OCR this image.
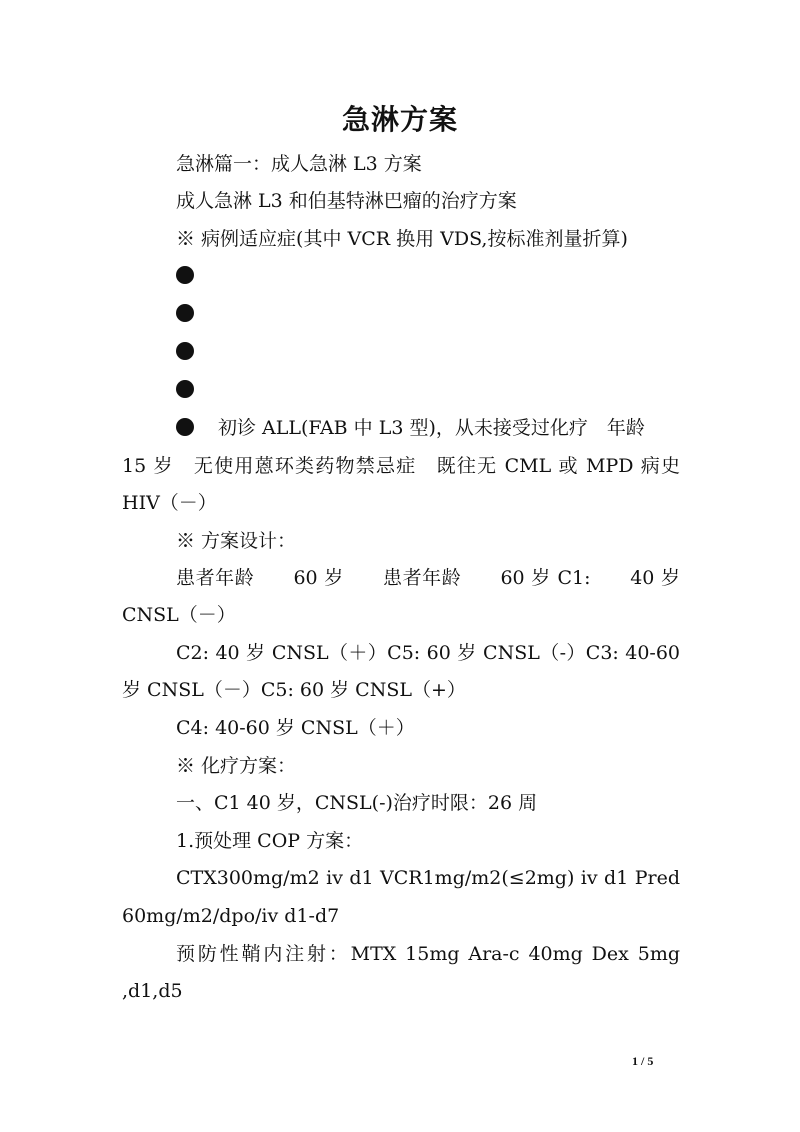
急淋方案
急淋篇一：成人急淋 L3 方案
成人急淋 L3 和伯基特淋巴瘤的治疗方案
※ 病例适应症(其中 VCR 换用 VDS,按标准剂量折算)
初诊 ALL(FAB 中 L3 型)，从未接受过化疗　年龄
15 岁　无使用蒽环类药物禁忌症　既往无 CML 或 MPD 病史
HIV（－）
※ 方案设计：
患者年龄　　60 岁　　患者年龄　　60 岁 C1:　　40 岁
CNSL（－）
C2: 40 岁 CNSL（＋）C5: 60 岁 CNSL（-）C3: 40-60
岁 CNSL（－）C5: 60 岁 CNSL（+）
C4: 40-60 岁 CNSL（＋）
※ 化疗方案：
一、C1 40 岁，CNSL(-)治疗时限：26 周
1.预处理 COP 方案：
CTX300mg/m2 iv d1 VCR1mg/m2(≤2mg) iv d1 Pred
60mg/m2/dpo/iv d1-d7
预防性鞘内注射：MTX 15mg Ara-c 40mg Dex 5mg
,d1,d5
1 / 5
